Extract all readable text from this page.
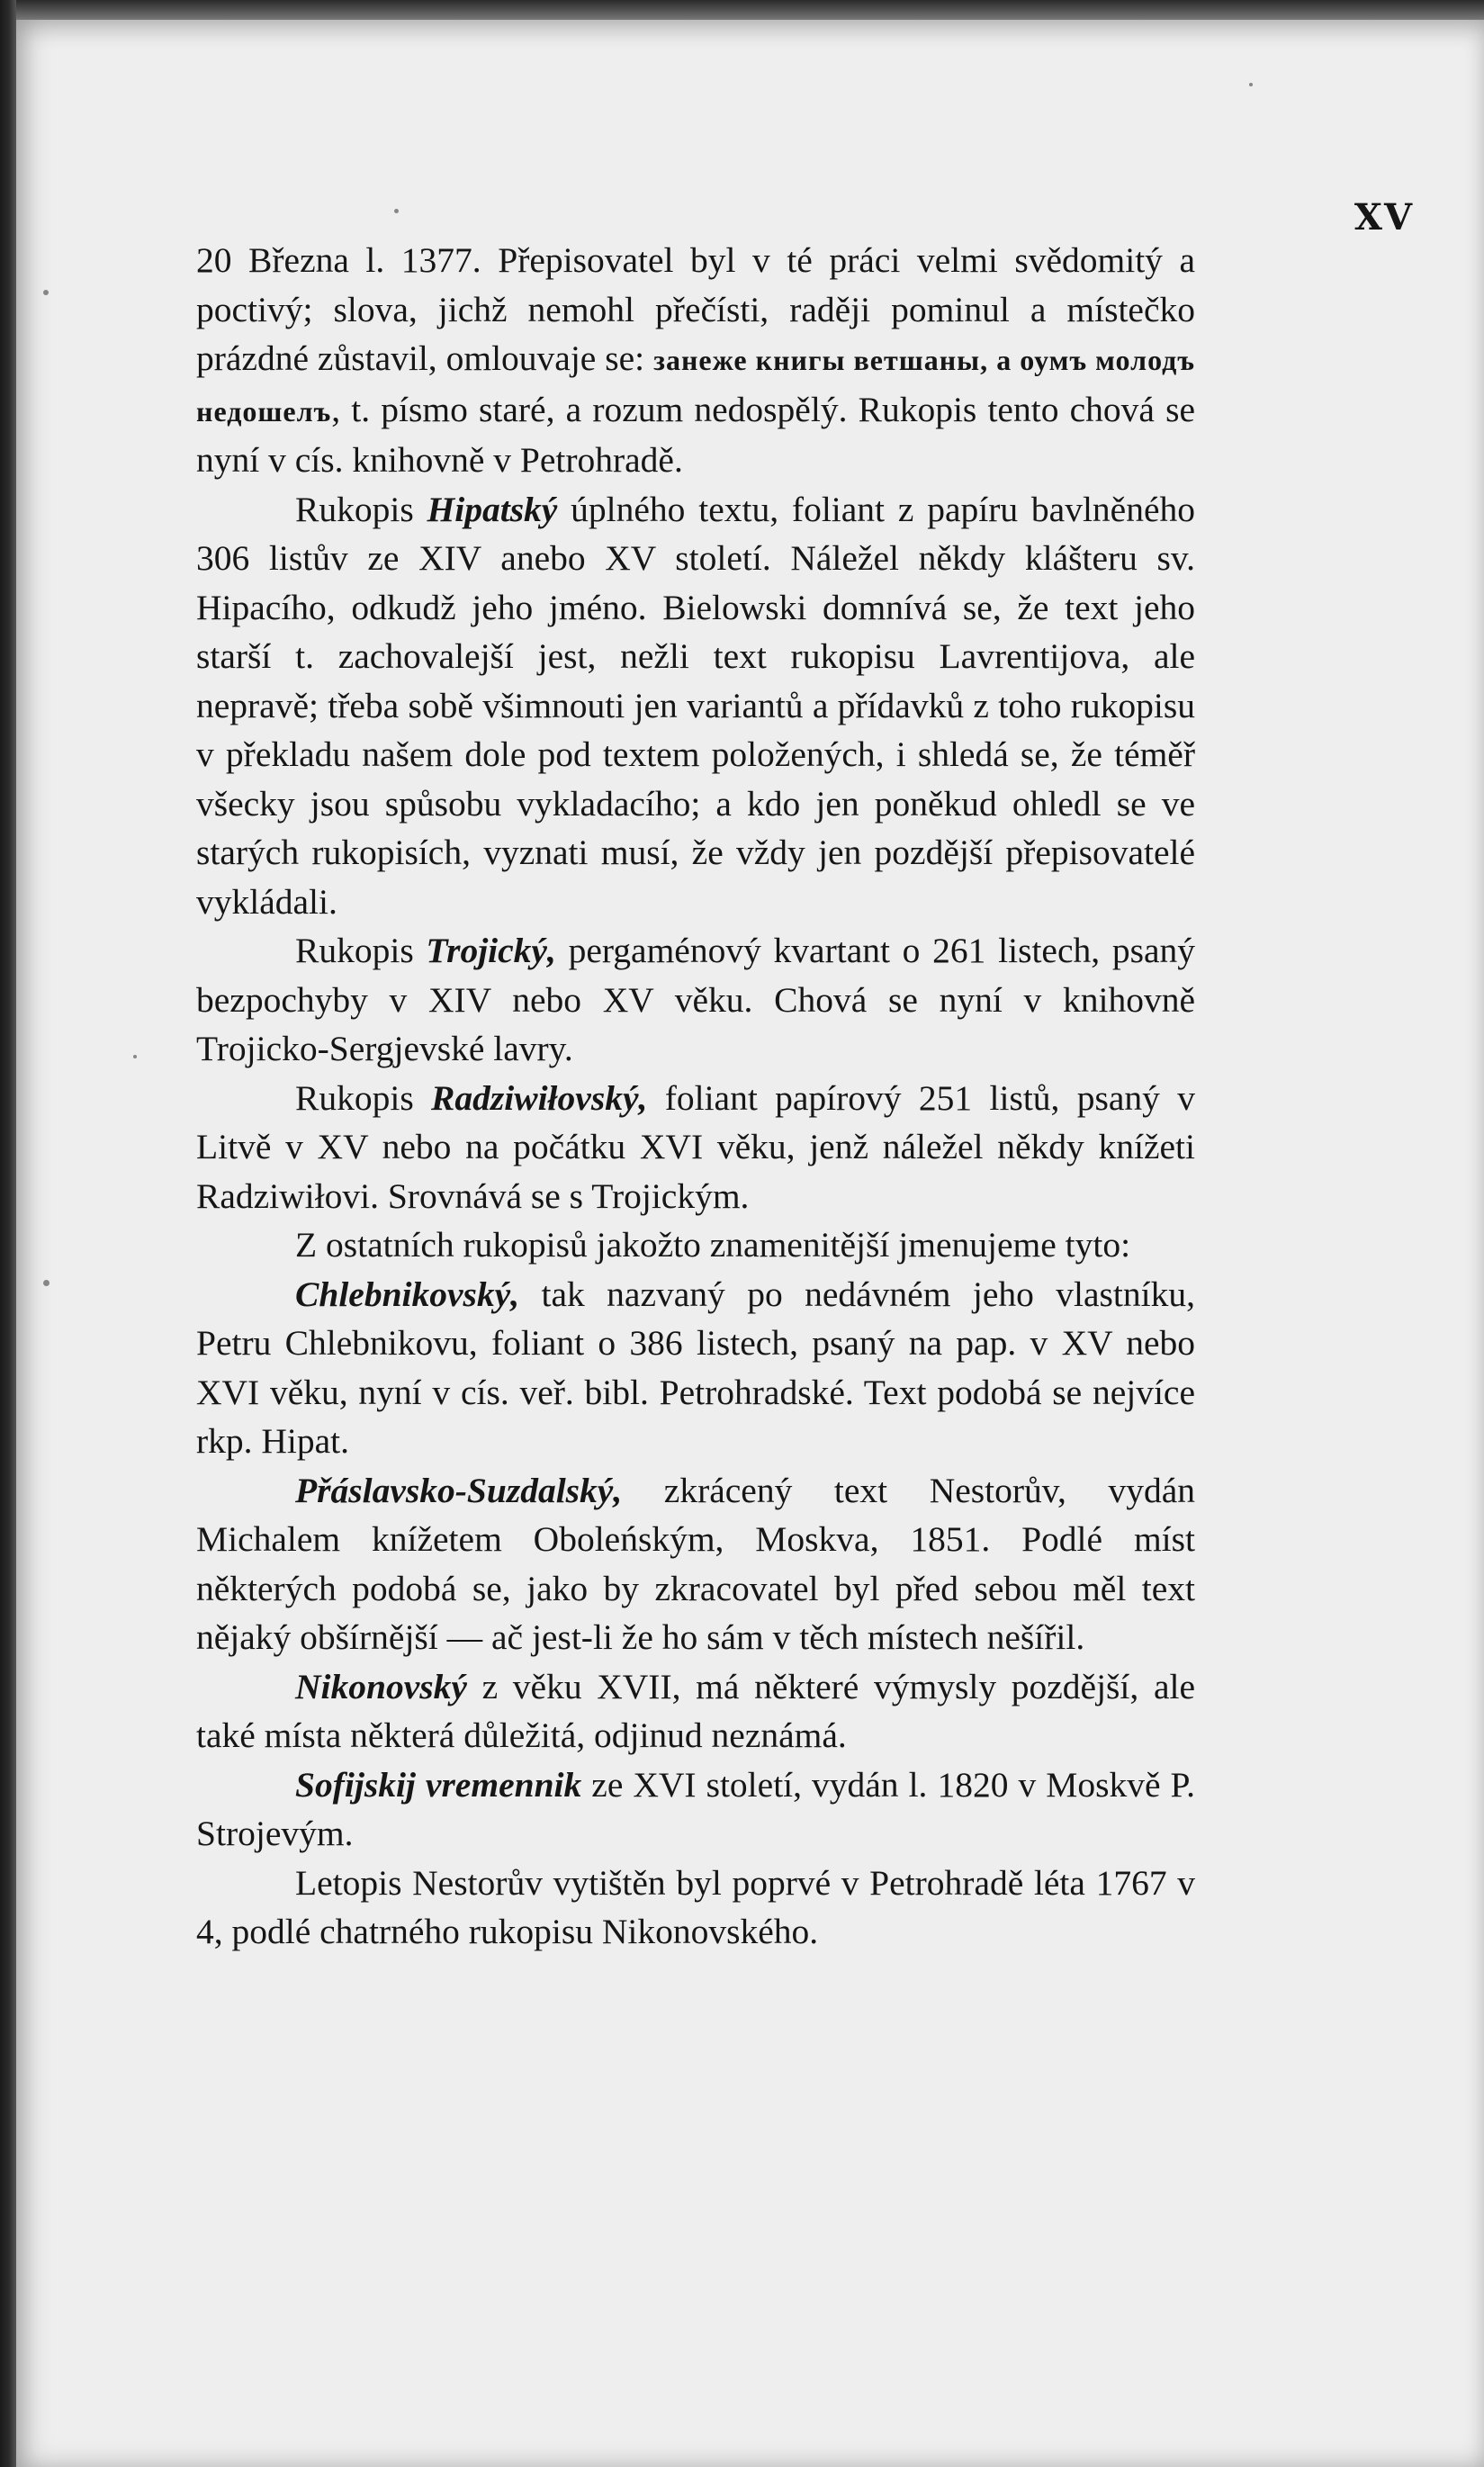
XV

20 Března l. 1377. Přepisovatel byl v té práci velmi svědomitý a poctivý; slova, jichž nemohl přečísti, raději pominul a místečko prázdné zůstavil, omlouvaje se: занеже книгы ветшаны, а оумъ молодъ недошелъ, t. písmo staré, a rozum nedospělý. Rukopis tento chová se nyní v cís. knihovně v Petrohradě.

Rukopis Hipatský úplného textu, foliant z papíru bavlněného 306 listův ze XIV anebo XV století. Náležel někdy klášteru sv. Hipacího, odkudž jeho jméno. Bielowski domnívá se, že text jeho starší t. zachovalejší jest, nežli text rukopisu Lavrentijova, ale nepravě; třeba sobě všimnouti jen variantů a přídavků z toho rukopisu v překladu našem dole pod textem položených, i shledá se, že téměř všecky jsou spůsobu vykladacího; a kdo jen poněkud ohledl se ve starých rukopisích, vyznati musí, že vždy jen pozdější přepisovatelé vykládali.

Rukopis Trojický, pergaménový kvartant o 261 listech, psaný bezpochyby v XIV nebo XV věku. Chová se nyní v knihovně Trojicko-Sergjevské lavry.

Rukopis Radziwiłovský, foliant papírový 251 listů, psaný v Litvě v XV nebo na počátku XVI věku, jenž náležel někdy knížeti Radziwiłovi. Srovnává se s Trojickým.

Z ostatních rukopisů jakožto znamenitější jmenujeme tyto:

Chlebnikovský, tak nazvaný po nedávném jeho vlastníku, Petru Chlebnikovu, foliant o 386 listech, psaný na pap. v XV nebo XVI věku, nyní v cís. veř. bibl. Petrohradské. Text podobá se nejvíce rkp. Hipat.

Přáslavsko-Suzdalský, zkrácený text Nestorův, vydán Michalem knížetem Oboleńským, Moskva, 1851. Podlé míst některých podobá se, jako by zkracovatel byl před sebou měl text nějaký obšírnější — ač jest-li že ho sám v těch místech nešířil.

Nikonovský z věku XVII, má některé výmysly pozdější, ale také místa některá důležitá, odjinud neznámá.

Sofijskij vremennik ze XVI století, vydán l. 1820 v Moskvě P. Strojevým.

Letopis Nestorův vytištěn byl poprvé v Petrohradě léta 1767 v 4, podlé chatrného rukopisu Nikonovského.
